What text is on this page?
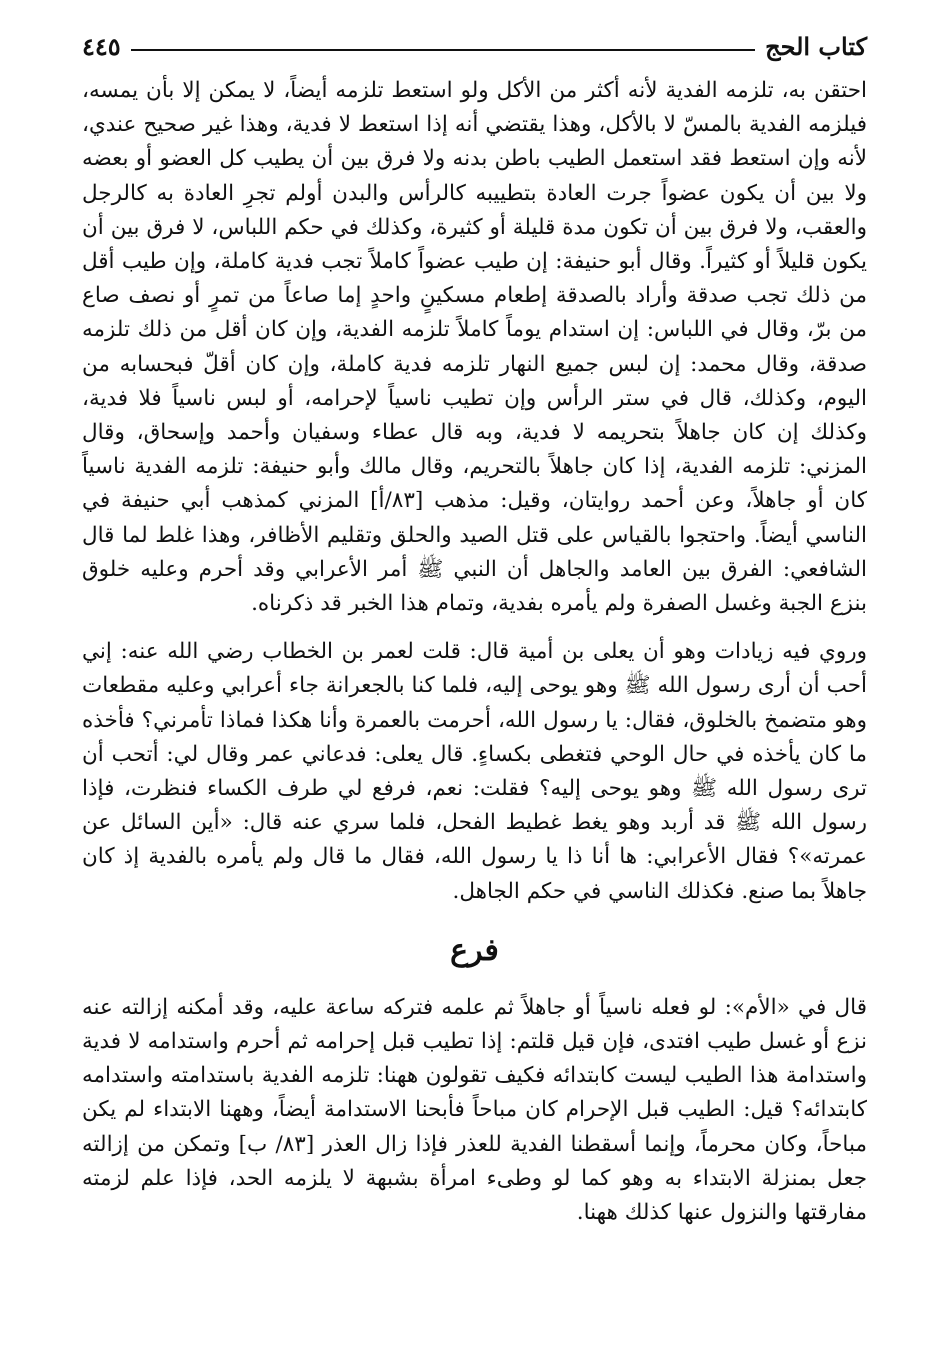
كتاب الحج
٤٤٥

احتقن به، تلزمه الفدية لأنه أكثر من الأكل ولو استعط تلزمه أيضاً، لا يمكن إلا بأن يمسه، فيلزمه الفدية بالمسّ لا بالأكل، وهذا يقتضي أنه إذا استعط لا فدية، وهذا غير صحيح عندي، لأنه وإن استعط فقد استعمل الطيب باطن بدنه ولا فرق بين أن يطيب كل العضو أو بعضه ولا بين أن يكون عضواً جرت العادة بتطييبه كالرأس والبدن أولم تجرِ العادة به كالرجل والعقب، ولا فرق بين أن تكون مدة قليلة أو كثيرة، وكذلك في حكم اللباس، لا فرق بين أن يكون قليلاً أو كثيراً. وقال أبو حنيفة: إن طيب عضواً كاملاً تجب فدية كاملة، وإن طيب أقل من ذلك تجب صدقة وأراد بالصدقة إطعام مسكينٍ واحدٍ إما صاعاً من تمرٍ أو نصف صاع من برّ، وقال في اللباس: إن استدام يوماً كاملاً تلزمه الفدية، وإن كان أقل من ذلك تلزمه صدقة، وقال محمد: إن لبس جميع النهار تلزمه فدية كاملة، وإن كان أقلّ فبحسابه من اليوم، وكذلك، قال في ستر الرأس وإن تطيب ناسياً لإحرامه، أو لبس ناسياً فلا فدية، وكذلك إن كان جاهلاً بتحريمه لا فدية، وبه قال عطاء وسفيان وأحمد وإسحاق، وقال المزني: تلزمه الفدية، إذا كان جاهلاً بالتحريم، وقال مالك وأبو حنيفة: تلزمه الفدية ناسياً كان أو جاهلاً، وعن أحمد روايتان، وقيل: مذهب [٨٣/أ] المزني كمذهب أبي حنيفة في الناسي أيضاً. واحتجوا بالقياس على قتل الصيد والحلق وتقليم الأظافر، وهذا غلط لما قال الشافعي: الفرق بين العامد والجاهل أن النبي ﷺ أمر الأعرابي وقد أحرم وعليه خلوق بنزع الجبة وغسل الصفرة ولم يأمره بفدية، وتمام هذا الخبر قد ذكرناه.

وروي فيه زيادات وهو أن يعلى بن أمية قال: قلت لعمر بن الخطاب رضي الله عنه: إني أحب أن أرى رسول الله ﷺ وهو يوحى إليه، فلما كنا بالجعرانة جاء أعرابي وعليه مقطعات وهو متضمخ بالخلوق، فقال: يا رسول الله، أحرمت بالعمرة وأنا هكذا فماذا تأمرني؟ فأخذه ما كان يأخذه في حال الوحي فتغطى بكساءٍ. قال يعلى: فدعاني عمر وقال لي: أتحب أن ترى رسول الله ﷺ وهو يوحى إليه؟ فقلت: نعم، فرفع لي طرف الكساء فنظرت، فإذا رسول الله ﷺ قد أربد وهو يغط غطيط الفحل، فلما سري عنه قال: «أين السائل عن عمرته»؟ فقال الأعرابي: ها أنا ذا يا رسول الله، فقال ما قال ولم يأمره بالفدية إذ كان جاهلاً بما صنع. فكذلك الناسي في حكم الجاهل.

فرع

قال في «الأم»: لو فعله ناسياً أو جاهلاً ثم علمه فتركه ساعة عليه، وقد أمكنه إزالته عنه نزع أو غسل طيب افتدى، فإن قيل قلتم: إذا تطيب قبل إحرامه ثم أحرم واستدامه لا فدية واستدامة هذا الطيب ليست كابتدائه فكيف تقولون ههنا: تلزمه الفدية باستدامته واستدامه كابتدائه؟ قيل: الطيب قبل الإحرام كان مباحاً فأبحنا الاستدامة أيضاً، وههنا الابتداء لم يكن مباحاً، وكان محرماً، وإنما أسقطنا الفدية للعذر فإذا زال العذر [٨٣/ ب] وتمكن من إزالته جعل بمنزلة الابتداء به وهو كما لو وطىء امرأة بشبهة لا يلزمه الحد، فإذا علم لزمته مفارقتها والنزول عنها كذلك ههنا.
